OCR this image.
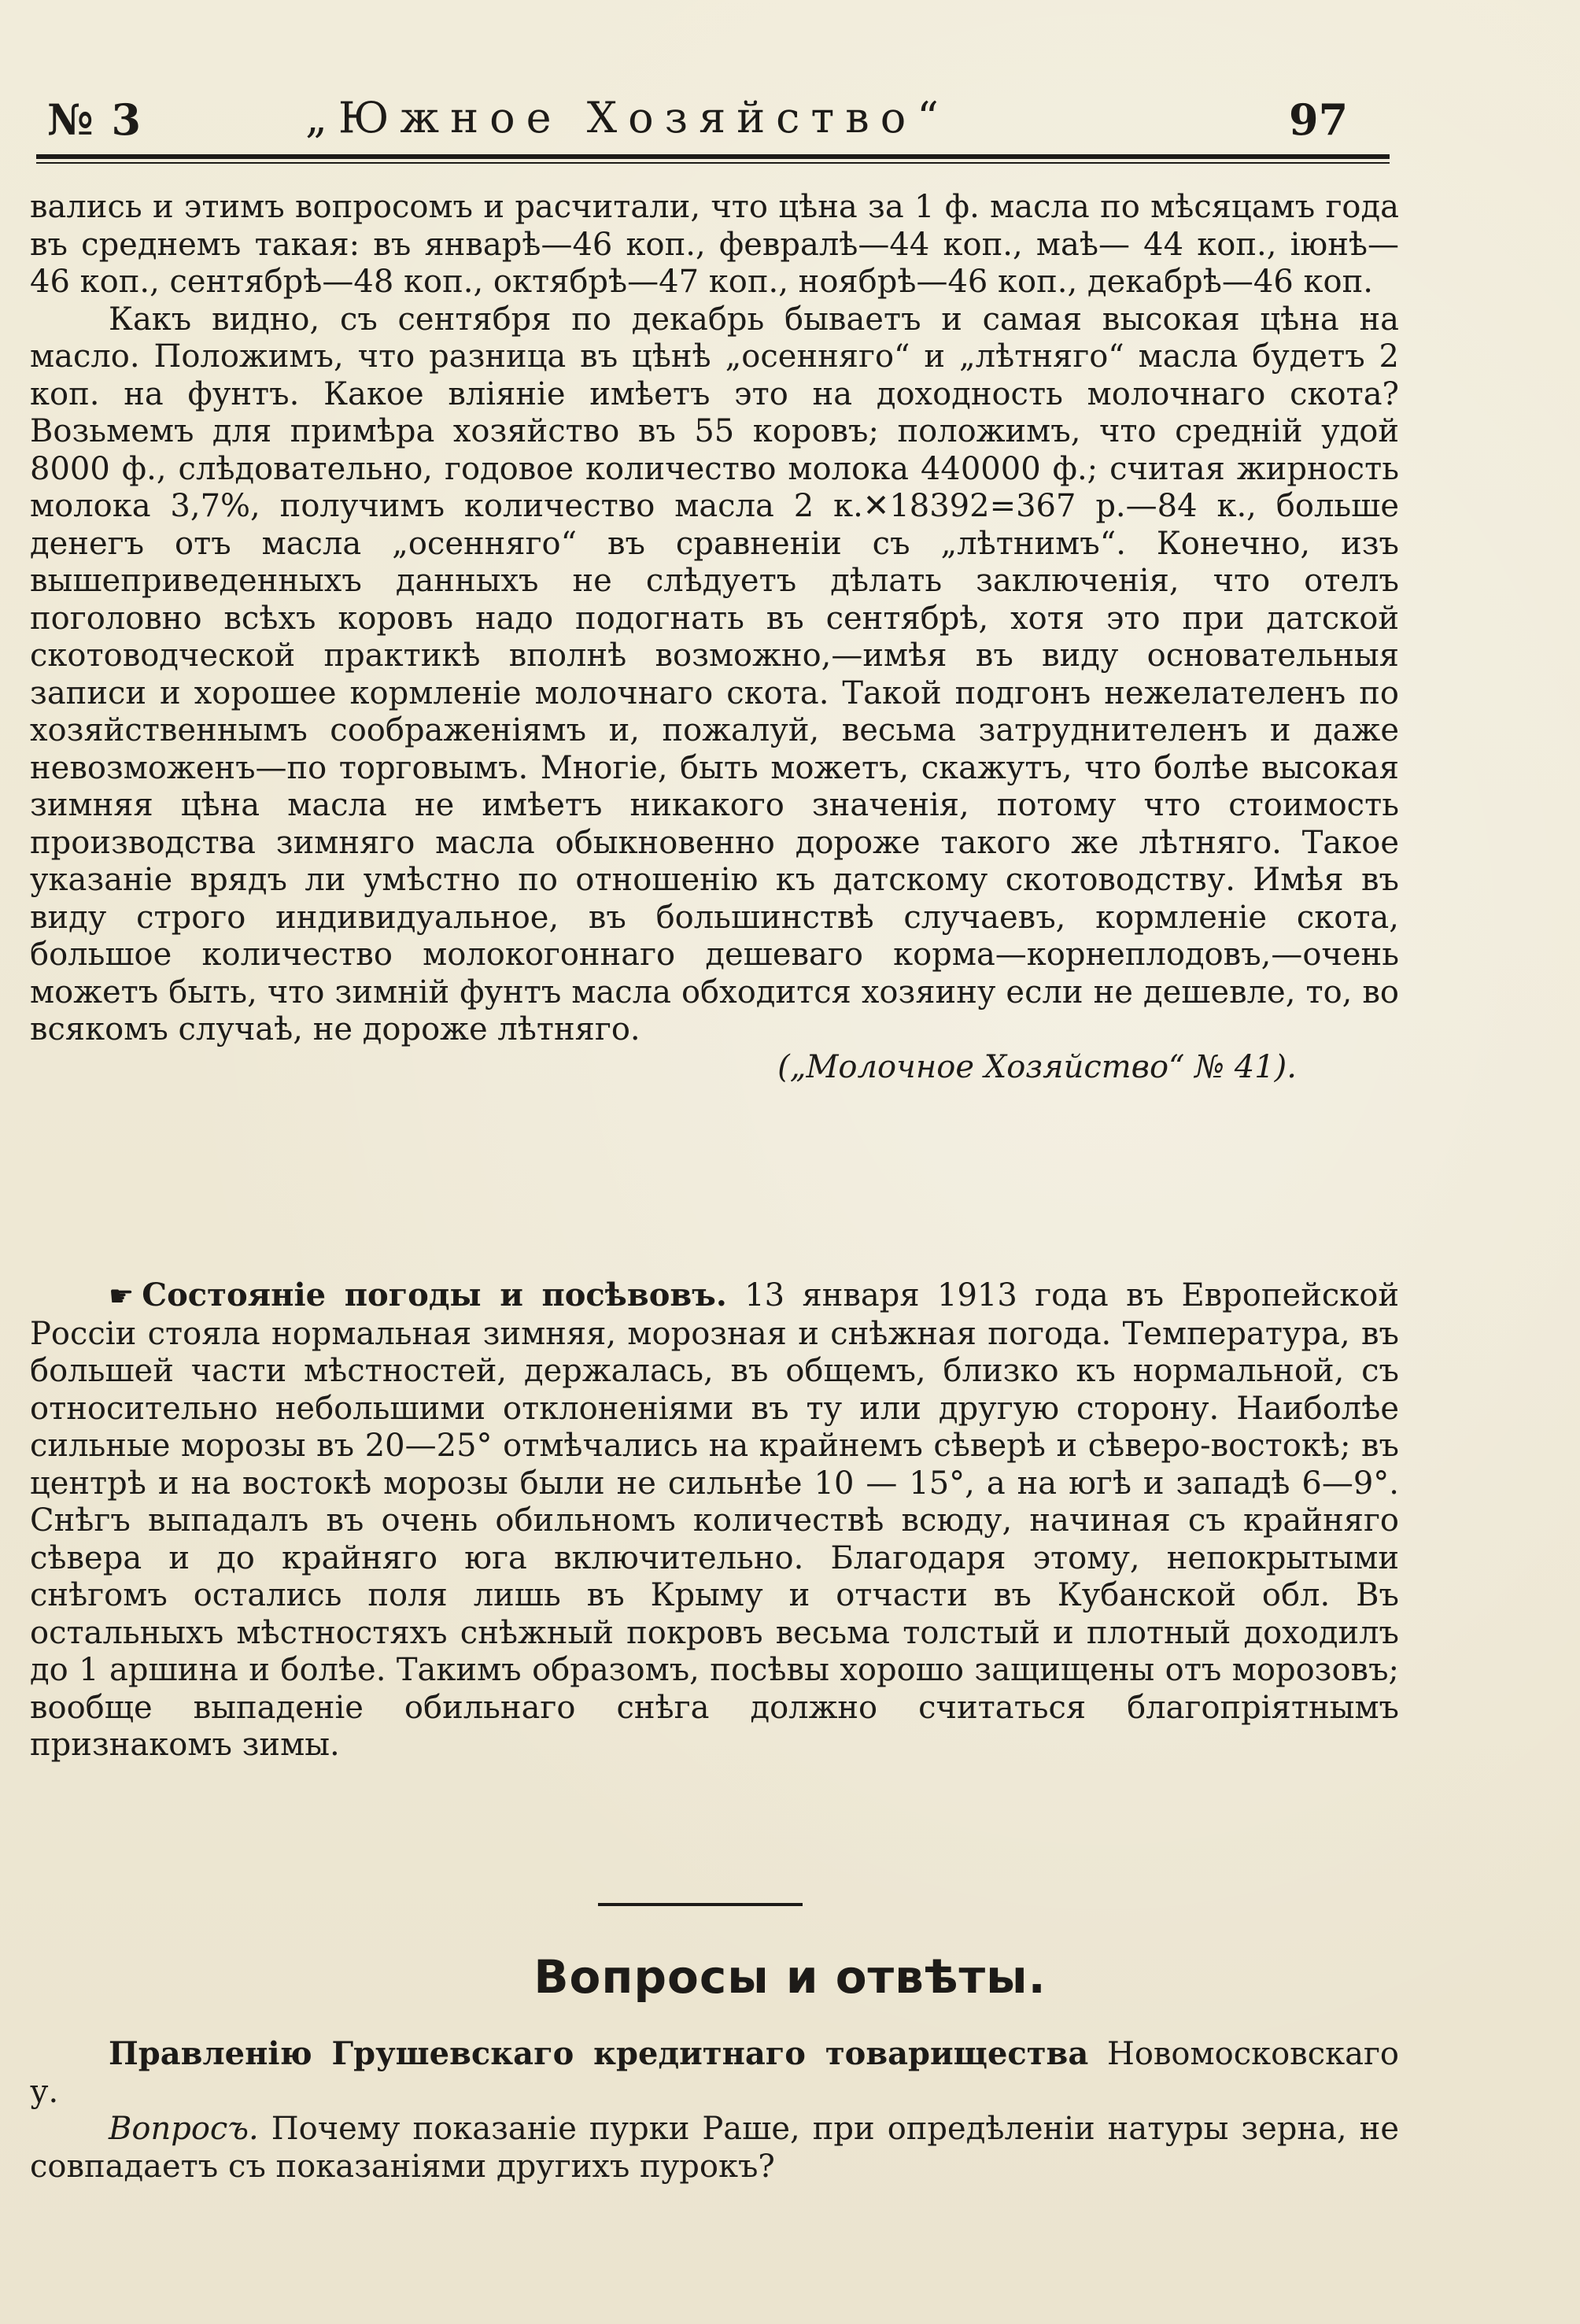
№ 3	„Южное Хозяйство“	97

вались и этимъ вопросомъ и расчитали, что цѣна за 1 ф. масла по мѣсяцамъ года въ среднемъ такая: въ январѣ—46 коп., февралѣ—44 коп., маѣ— 44 коп., іюнѣ—46 коп., сентябрѣ—48 коп., октябрѣ—47 коп., ноябрѣ—46 коп., декабрѣ—46 коп.

Какъ видно, съ сентября по декабрь бываетъ и самая высокая цѣна на масло. Положимъ, что разница въ цѣнѣ „осенняго“ и „лѣтняго“ масла будетъ 2 коп. на фунтъ. Какое вліяніе имѣетъ это на доходность молочнаго скота? Возьмемъ для примѣра хозяйство въ 55 коровъ; положимъ, что среднiй удой 8000 ф., слѣдовательно, годовое количество молока 440000 ф.; считая жирность молока 3,7%, получимъ количество масла 2 к.✕18392=367 р.—84 к., больше денегъ отъ масла „осенняго“ въ сравненіи съ „лѣтнимъ“. Конечно, изъ вышеприведенныхъ данныхъ не слѣдуетъ дѣлать заключенія, что отелъ поголовно всѣхъ коровъ надо подогнать въ сентябрѣ, хотя это при датской скотоводческой практикѣ вполнѣ возможно,—имѣя въ виду основательныя записи и хорошее кормленіе молочнаго скота. Такой подгонъ нежелателенъ по хозяйственнымъ соображеніямъ и, пожалуй, весьма затруднителенъ и даже невозможенъ—по торговымъ. Многіе, быть можетъ, скажутъ, что болѣе высокая зимняя цѣна масла не имѣетъ никакого значенія, потому что стоимость производства зимняго масла обыкновенно дороже такого же лѣтняго. Такое указаніе врядъ ли умѣстно по отношенію къ датскому скотоводству. Имѣя въ виду строго индивидуальное, въ большинствѣ случаевъ, кормленіе скота, большое количество молокогоннаго дешеваго корма—корнеплодовъ,—очень можетъ быть, что зимній фунтъ масла обходится хозяину если не дешевле, то, во всякомъ случаѣ, не дороже лѣтняго.

(„Молочное Хозяйство“ № 41).

☛ Состояніе погоды и посѣвовъ. 13 января 1913 года въ Европейской Россіи стояла нормальная зимняя, морозная и снѣжная погода. Температура, въ большей части мѣстностей, держалась, въ общемъ, близко къ нормальной, съ относительно небольшими отклоненіями въ ту или другую сторону. Наиболѣе сильные морозы въ 20—25° отмѣчались на крайнемъ сѣверѣ и сѣверо-востокѣ; въ центрѣ и на востокѣ морозы были не сильнѣе 10 — 15°, а на югѣ и западѣ 6—9°. Снѣгъ выпадалъ въ очень обильномъ количествѣ всюду, начиная съ крайняго сѣвера и до крайняго юга включительно. Благодаря этому, непокрытыми снѣгомъ остались поля лишь въ Крыму и отчасти въ Кубанской обл. Въ остальныхъ мѣстностяхъ снѣжный покровъ весьма толстый и плотный доходилъ до 1 аршина и болѣе. Такимъ образомъ, посѣвы хорошо защищены отъ морозовъ; вообще выпаденіе обильнаго снѣга должно считаться благопріятнымъ признакомъ зимы.

Вопросы и отвѣты.

Правленію Грушевскаго кредитнаго товарищества Новомосковскаго у.

Вопросъ. Почему показаніе пурки Раше, при опредѣленіи натуры зерна, не совпадаетъ съ показаніями другихъ пурокъ?
